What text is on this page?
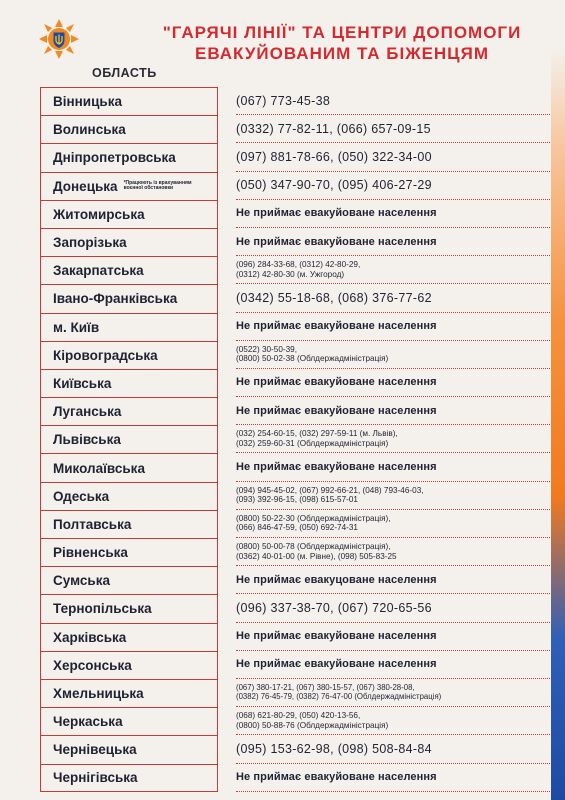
"ГАРЯЧІ ЛІНІЇ" ТА ЦЕНТРИ ДОПОМОГИ
ЕВАКУЙОВАНИМ ТА БІЖЕНЦЯМ
ОБЛАСТЬ
Вінницька	(067) 773-45-38
Волинська	(0332) 77-82-11, (066) 657-09-15
Дніпропетровська	(097) 881-78-66, (050) 322-34-00
Донецька *Працюють із врахуванням воєнної обстановки	(050) 347-90-70, (095) 406-27-29
Житомирська	Не приймає евакуйоване населення
Запорізька	Не приймає евакуйоване населення
Закарпатська	(096) 284-33-68, (0312) 42-80-29,
(0312) 42-80-30 (м. Ужгород)
Івано-Франківська	(0342) 55-18-68, (068) 376-77-62
м. Київ	Не приймає евакуйоване населення
Кіровоградська	(0522) 30-50-39,
(0800) 50-02-38 (Облдержадміністрація)
Київська	Не приймає евакуйоване населення
Луганська	Не приймає евакуйоване населення
Львівська	(032) 254-60-15, (032) 297-59-11 (м. Львів),
(032) 259-60-31 (Облдержадміністрація)
Миколаївська	Не приймає евакуйоване населення
Одеська	(094) 945-45-02, (067) 992-66-21, (048) 793-46-03,
(093) 392-96-15, (098) 615-57-01
Полтавська	(0800) 50-22-30 (Облдержадміністрація),
(066) 846-47-59, (050) 692-74-31
Рівненська	(0800) 50-00-78 (Облдержадміністрація),
(0362) 40-01-00 (м. Рівне), (098) 505-83-25
Сумська	Не приймає евакуцоване населення
Тернопільська	(096) 337-38-70, (067) 720-65-56
Харківська	Не приймає евакуйоване населення
Херсонська	Не приймає евакуйоване населення
Хмельницька	(067) 380-17-21, (067) 380-15-57, (067) 380-28-08,
(0382) 76-45-79, (0382) 76-47-00 (Облдержадміністрація)
Черкаська	(068) 621-80-29, (050) 420-13-56,
(0800) 50-88-76 (Облдержадміністрація)
Чернівецька	(095) 153-62-98, (098) 508-84-84
Чернігівська	Не приймає евакуйоване населення
